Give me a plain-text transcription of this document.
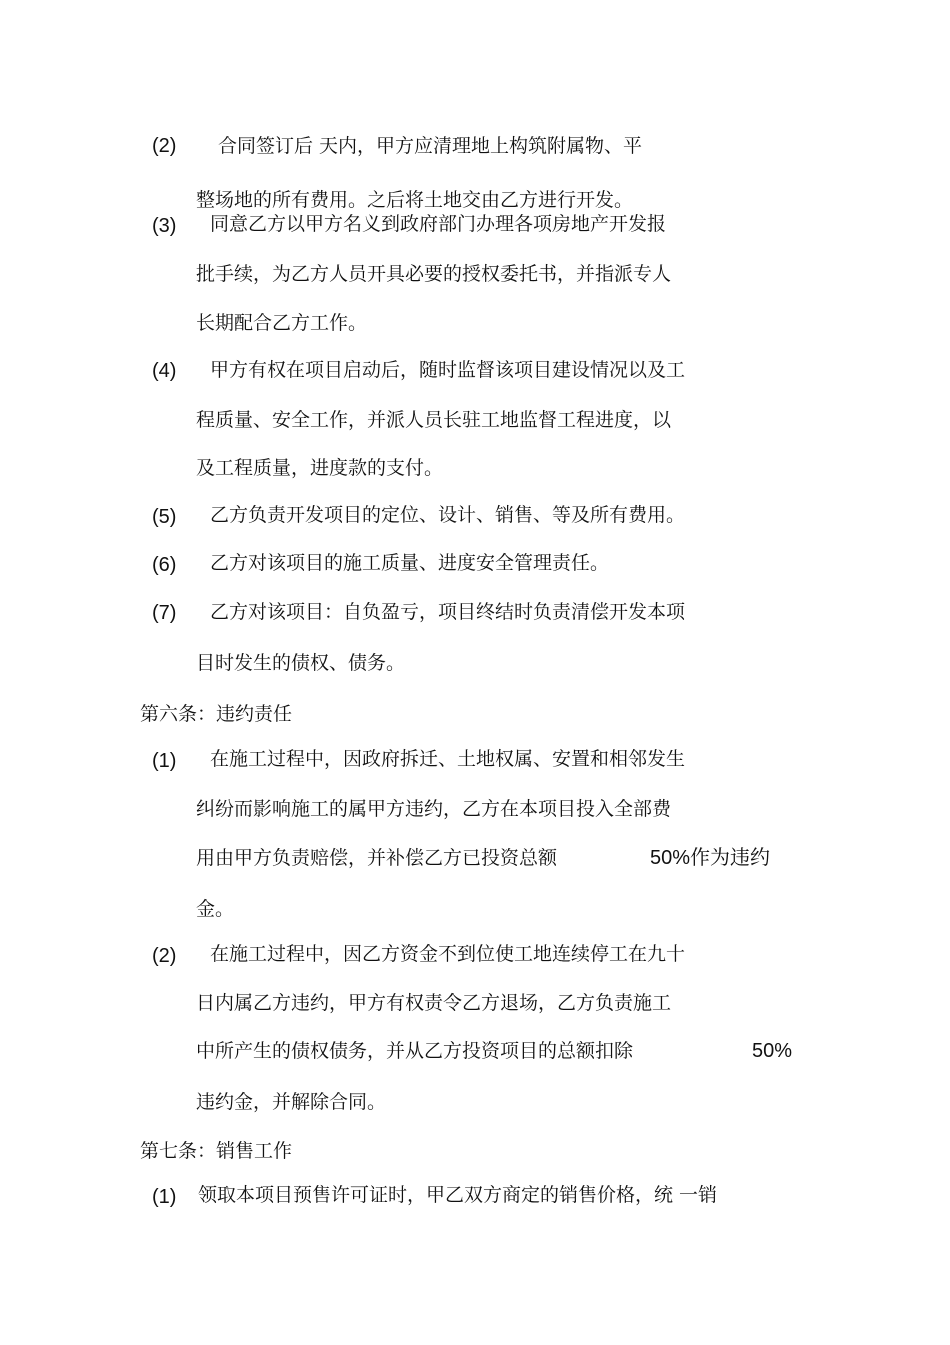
(2) 合同签订后 天内，甲方应清理地上构筑附属物、平
整场地的所有费用。之后将土地交由乙方进行开发。
(3) 同意乙方以甲方名义到政府部门办理各项房地产开发报
批手续，为乙方人员开具必要的授权委托书，并指派专人
长期配合乙方工作。
(4) 甲方有权在项目启动后，随时监督该项目建设情况以及工
程质量、安全工作，并派人员长驻工地监督工程进度，以
及工程质量，进度款的支付。
(5) 乙方负责开发项目的定位、设计、销售、等及所有费用。
(6) 乙方对该项目的施工质量、进度安全管理责任。
(7) 乙方对该项目：自负盈亏，项目终结时负责清偿开发本项
目时发生的债权、债务。
第六条：违约责任
(1) 在施工过程中，因政府拆迁、土地权属、安置和相邻发生
纠纷而影响施工的属甲方违约，乙方在本项目投入全部费
用由甲方负责赔偿，并补偿乙方已投资总额	50%作为违约
金。
(2) 在施工过程中，因乙方资金不到位使工地连续停工在九十
日内属乙方违约，甲方有权责令乙方退场，乙方负责施工
中所产生的债权债务，并从乙方投资项目的总额扣除	50%
违约金，并解除合同。
第七条：销售工作
(1) 领取本项目预售许可证时，甲乙双方商定的销售价格，统 一销
